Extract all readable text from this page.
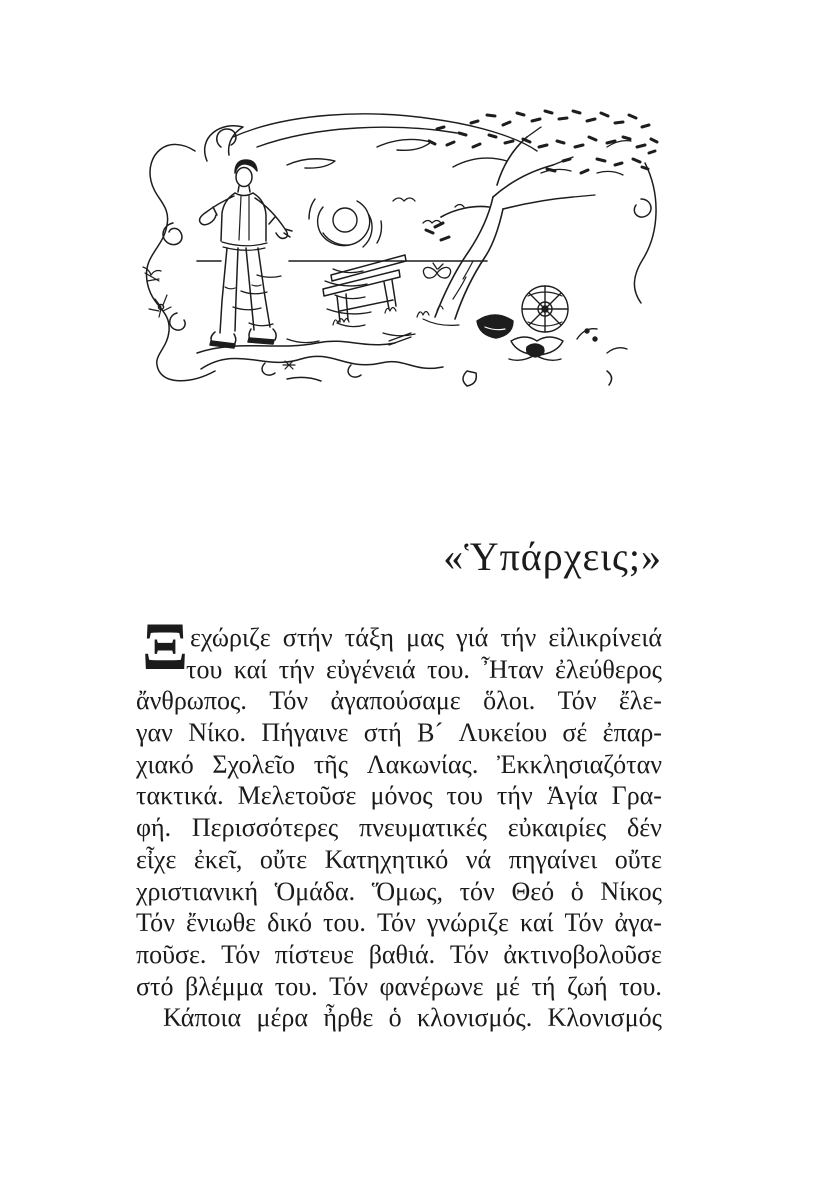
«Ὑπάρχεις;»
Ξ εχώριζε στήν τάξη μας γιά τήν εἰλικρίνειά
του καί τήν εὐγένειά του. Ἦταν ἐλεύθερος
ἄνθρωπος. Τόν ἀγαπούσαμε ὅλοι. Τόν ἔλε-
γαν Νίκο. Πήγαινε στή Β´ Λυκείου σέ ἐπαρ-
χιακό Σχολεῖο τῆς Λακωνίας. Ἐκκλησιαζόταν
τακτικά. Μελετοῦσε μόνος του τήν Ἁγία Γρα-
φή. Περισσότερες πνευματικές εὐκαιρίες δέν
εἶχε ἐκεῖ, οὔτε Κατηχητικό νά πηγαίνει οὔτε
χριστιανική Ὁμάδα. Ὅμως, τόν Θεό ὁ Νίκος
Τόν ἔνιωθε δικό του. Τόν γνώριζε καί Τόν ἀγα-
ποῦσε. Τόν πίστευε βαθιά. Τόν ἀκτινοβολοῦσε
στό βλέμμα του. Τόν φανέρωνε μέ τή ζωή του.
Κάποια μέρα ἦρθε ὁ κλονισμός. Κλονισμός
